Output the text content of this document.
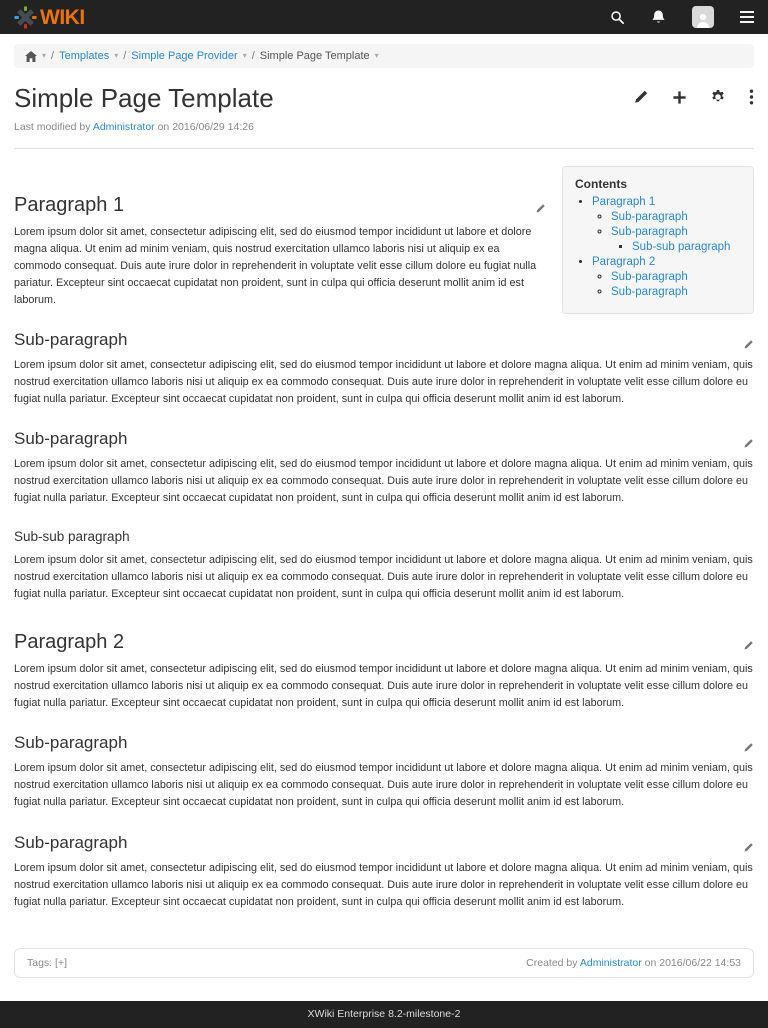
WIKI
▾ / Templates ▾ / Simple Page Provider ▾ / Simple Page Template ▾
Simple Page Template
Last modified by Administrator on 2016/06/29 14:26
Contents
• Paragraph 1
◦ Sub-paragraph
◦ Sub-paragraph
▪ Sub-sub paragraph
• Paragraph 2
◦ Sub-paragraph
◦ Sub-paragraph
Paragraph 1

Lorem ipsum dolor sit amet, consectetur adipiscing elit, sed do eiusmod tempor incididunt ut labore et dolore magna aliqua. Ut enim ad minim veniam, quis nostrud exercitation ullamco laboris nisi ut aliquip ex ea commodo consequat. Duis aute irure dolor in reprehenderit in voluptate velit esse cillum dolore eu fugiat nulla pariatur. Excepteur sint occaecat cupidatat non proident, sunt in culpa qui officia deserunt mollit anim id est laborum.

Sub-paragraph

Lorem ipsum dolor sit amet, consectetur adipiscing elit, sed do eiusmod tempor incididunt ut labore et dolore magna aliqua. Ut enim ad minim veniam, quis nostrud exercitation ullamco laboris nisi ut aliquip ex ea commodo consequat. Duis aute irure dolor in reprehenderit in voluptate velit esse cillum dolore eu fugiat nulla pariatur. Excepteur sint occaecat cupidatat non proident, sunt in culpa qui officia deserunt mollit anim id est laborum.

Sub-paragraph

Lorem ipsum dolor sit amet, consectetur adipiscing elit, sed do eiusmod tempor incididunt ut labore et dolore magna aliqua. Ut enim ad minim veniam, quis nostrud exercitation ullamco laboris nisi ut aliquip ex ea commodo consequat. Duis aute irure dolor in reprehenderit in voluptate velit esse cillum dolore eu fugiat nulla pariatur. Excepteur sint occaecat cupidatat non proident, sunt in culpa qui officia deserunt mollit anim id est laborum.

Sub-sub paragraph

Lorem ipsum dolor sit amet, consectetur adipiscing elit, sed do eiusmod tempor incididunt ut labore et dolore magna aliqua. Ut enim ad minim veniam, quis nostrud exercitation ullamco laboris nisi ut aliquip ex ea commodo consequat. Duis aute irure dolor in reprehenderit in voluptate velit esse cillum dolore eu fugiat nulla pariatur. Excepteur sint occaecat cupidatat non proident, sunt in culpa qui officia deserunt mollit anim id est laborum.

Paragraph 2

Lorem ipsum dolor sit amet, consectetur adipiscing elit, sed do eiusmod tempor incididunt ut labore et dolore magna aliqua. Ut enim ad minim veniam, quis nostrud exercitation ullamco laboris nisi ut aliquip ex ea commodo consequat. Duis aute irure dolor in reprehenderit in voluptate velit esse cillum dolore eu fugiat nulla pariatur. Excepteur sint occaecat cupidatat non proident, sunt in culpa qui officia deserunt mollit anim id est laborum.

Sub-paragraph

Lorem ipsum dolor sit amet, consectetur adipiscing elit, sed do eiusmod tempor incididunt ut labore et dolore magna aliqua. Ut enim ad minim veniam, quis nostrud exercitation ullamco laboris nisi ut aliquip ex ea commodo consequat. Duis aute irure dolor in reprehenderit in voluptate velit esse cillum dolore eu fugiat nulla pariatur. Excepteur sint occaecat cupidatat non proident, sunt in culpa qui officia deserunt mollit anim id est laborum.

Sub-paragraph

Lorem ipsum dolor sit amet, consectetur adipiscing elit, sed do eiusmod tempor incididunt ut labore et dolore magna aliqua. Ut enim ad minim veniam, quis nostrud exercitation ullamco laboris nisi ut aliquip ex ea commodo consequat. Duis aute irure dolor in reprehenderit in voluptate velit esse cillum dolore eu fugiat nulla pariatur. Excepteur sint occaecat cupidatat non proident, sunt in culpa qui officia deserunt mollit anim id est laborum.

Tags: [+]	Created by Administrator on 2016/06/22 14:53
XWiki Enterprise 8.2-milestone-2
